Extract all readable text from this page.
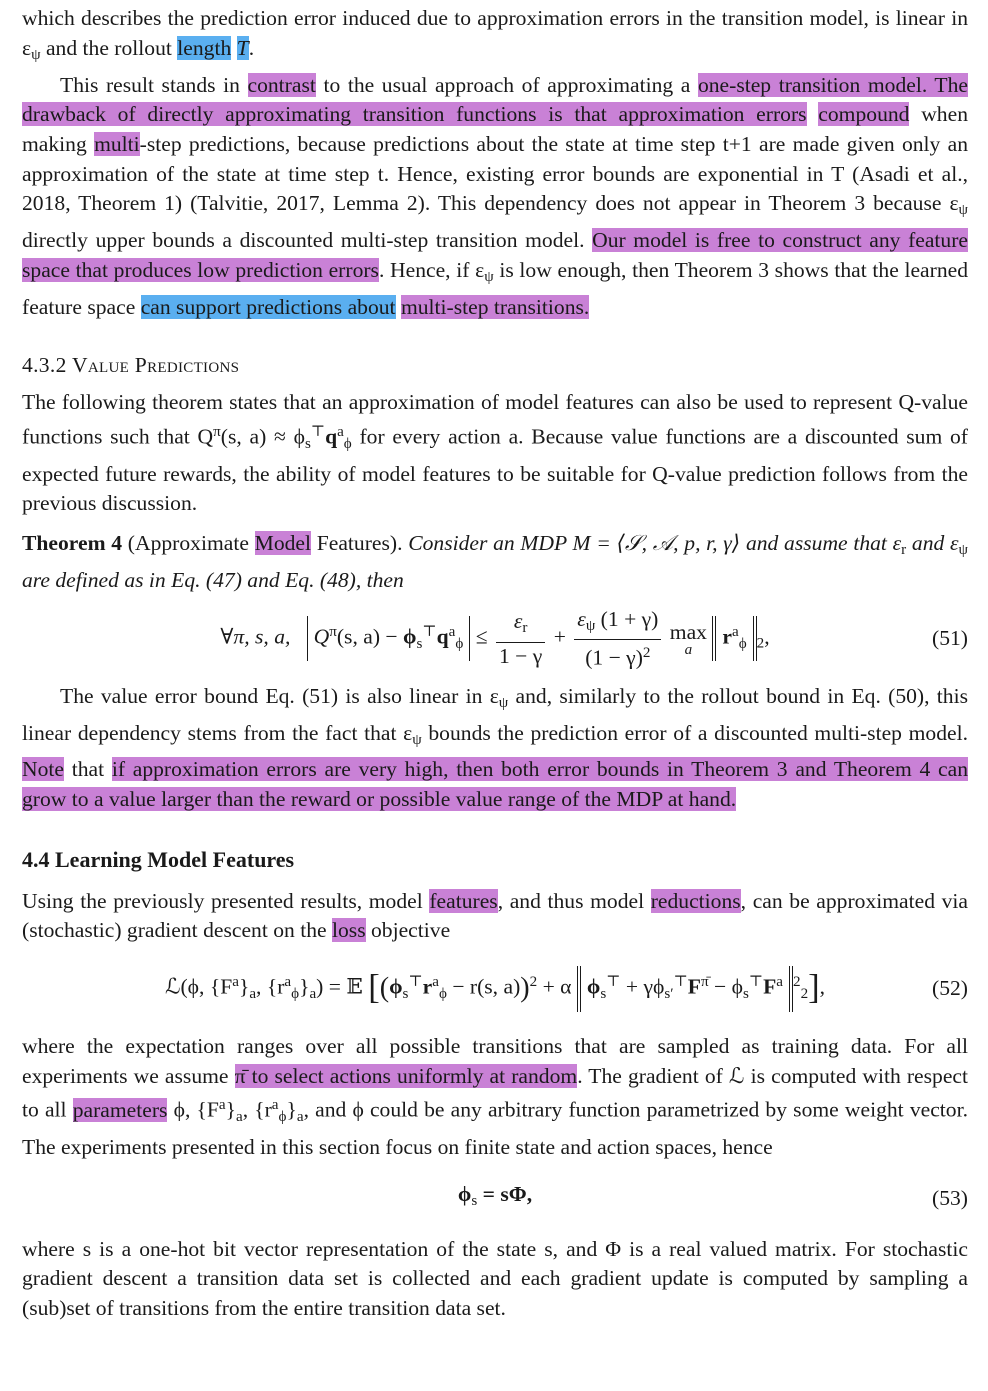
which describes the prediction error induced due to approximation errors in the transition model, is linear in $\varepsilon_\psi$ and the rollout length T.

This result stands in contrast to the usual approach of approximating a one-step transition model. The drawback of directly approximating transition functions is that approximation errors compound when making multi-step predictions, because predictions about the state at time step t+1 are made given only an approximation of the state at time step t. Hence, existing error bounds are exponential in T (Asadi et al., 2018, Theorem 1) (Talvitie, 2017, Lemma 2). This dependency does not appear in Theorem 3 because $\varepsilon_\psi$ directly upper bounds a discounted multi-step transition model. Our model is free to construct any feature space that produces low prediction errors. Hence, if $\varepsilon_\psi$ is low enough, then Theorem 3 shows that the learned feature space can support predictions about multi-step transitions.

4.3.2 Value Predictions

The following theorem states that an approximation of model features can also be used to represent Q-value functions such that $Q^\pi(s$, $a) \approx \phi_s^⊤q^a_\phi$ for every action a. Because value functions are a discounted sum of expected future rewards, the ability of model features to be suitable for Q-value prediction follows from the previous discussion.

Theorem 4 (Approximate Model Features). Consider an MDP M = ⟨𝒮, 𝒜, p, r, γ⟩ and assume that $\varepsilon_r$ and $\varepsilon_\psi$ are defined as in Eq. (47) and Eq. (48), then

∀π, s, a, $Q^\pi(s$, $a) - \phi_s^⊤q^a_\phi \le \frac{\varepsilon_r}{1 - \gamma} + \frac{\varepsilon_\psi (1 + \gamma)}{(1 - \gamma)^2}$
max
a
$r^a_\phi$ $_2$,	(51)

The value error bound Eq. (51) is also linear in $\varepsilon_\psi$ and, similarly to the rollout bound in Eq. (50), this linear dependency stems from the fact that $\varepsilon_\psi$ bounds the prediction error of a discounted multi-step model. Note that if approximation errors are very high, then both error bounds in Theorem 3 and Theorem 4 can grow to a value larger than the reward or possible value range of the MDP at hand.

4.4 Learning Model Features

Using the previously presented results, model features, and thus model reductions, can be approximated via (stochastic) gradient descent on the loss objective

ℒ(ϕ, $\{F^a\}_a$, $\{r^a_\phi\}_a$) = 𝔼 [($\phi_s^⊤r^a_\phi - r(s$, a))$^2$ + α $\phi_s^⊤ + \gamma\phi_{s'}^⊤F^{\pī} - \phi_s^⊤F^a$ $^2_2$],	(52)

where the expectation ranges over all possible transitions that are sampled as training data. For all experiments we assume π̄ to select actions uniformly at random. The gradient of ℒ is computed with respect to all parameters ϕ, $\{F^a\}_a$, $\{r^a_\phi\}_a$, and ϕ could be any arbitrary function parametrized by some weight vector. The experiments presented in this section focus on finite state and action spaces, hence

$\phi_s = s\Phi$,	(53)

where s is a one-hot bit vector representation of the state s, and Φ is a real valued matrix. For stochastic gradient descent a transition data set is collected and each gradient update is computed by sampling a (sub)set of transitions from the entire transition data set.
